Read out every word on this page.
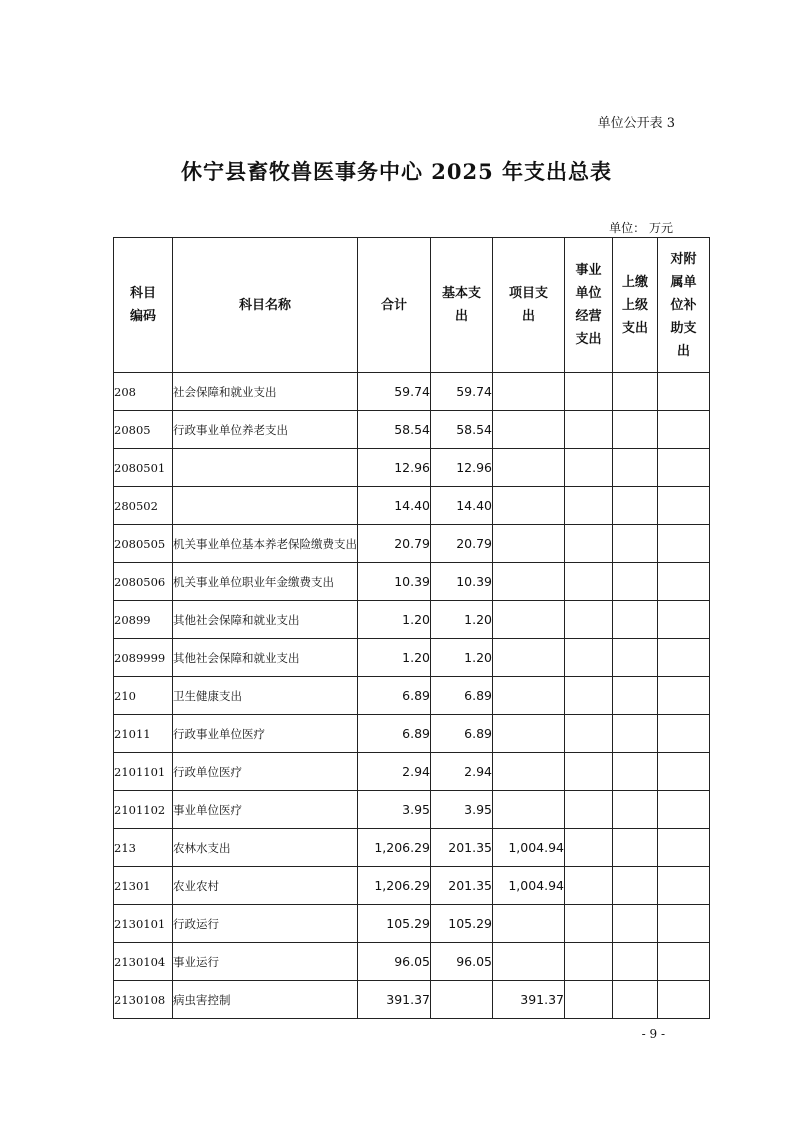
单位公开表 3
休宁县畜牧兽医事务中心 2025 年支出总表
单位： 万元
科目编码	科目名称	合计	基本支出	项目支出	事业单位经营支出	上缴上级支出	对附属单位补助支出
208	社会保障和就业支出	59.74	59.74				
20805	行政事业单位养老支出	58.54	58.54				
2080501		12.96	12.96				
280502		14.40	14.40				
2080505	机关事业单位基本养老保险缴费支出	20.79	20.79				
2080506	机关事业单位职业年金缴费支出	10.39	10.39				
20899	其他社会保障和就业支出	1.20	1.20				
2089999	其他社会保障和就业支出	1.20	1.20				
210	卫生健康支出	6.89	6.89				
21011	行政事业单位医疗	6.89	6.89				
2101101	行政单位医疗	2.94	2.94				
2101102	事业单位医疗	3.95	3.95				
213	农林水支出	1,206.29	201.35	1,004.94			
21301	农业农村	1,206.29	201.35	1,004.94			
2130101	行政运行	105.29	105.29				
2130104	事业运行	96.05	96.05				
2130108	病虫害控制	391.37		391.37			
- 9 -
